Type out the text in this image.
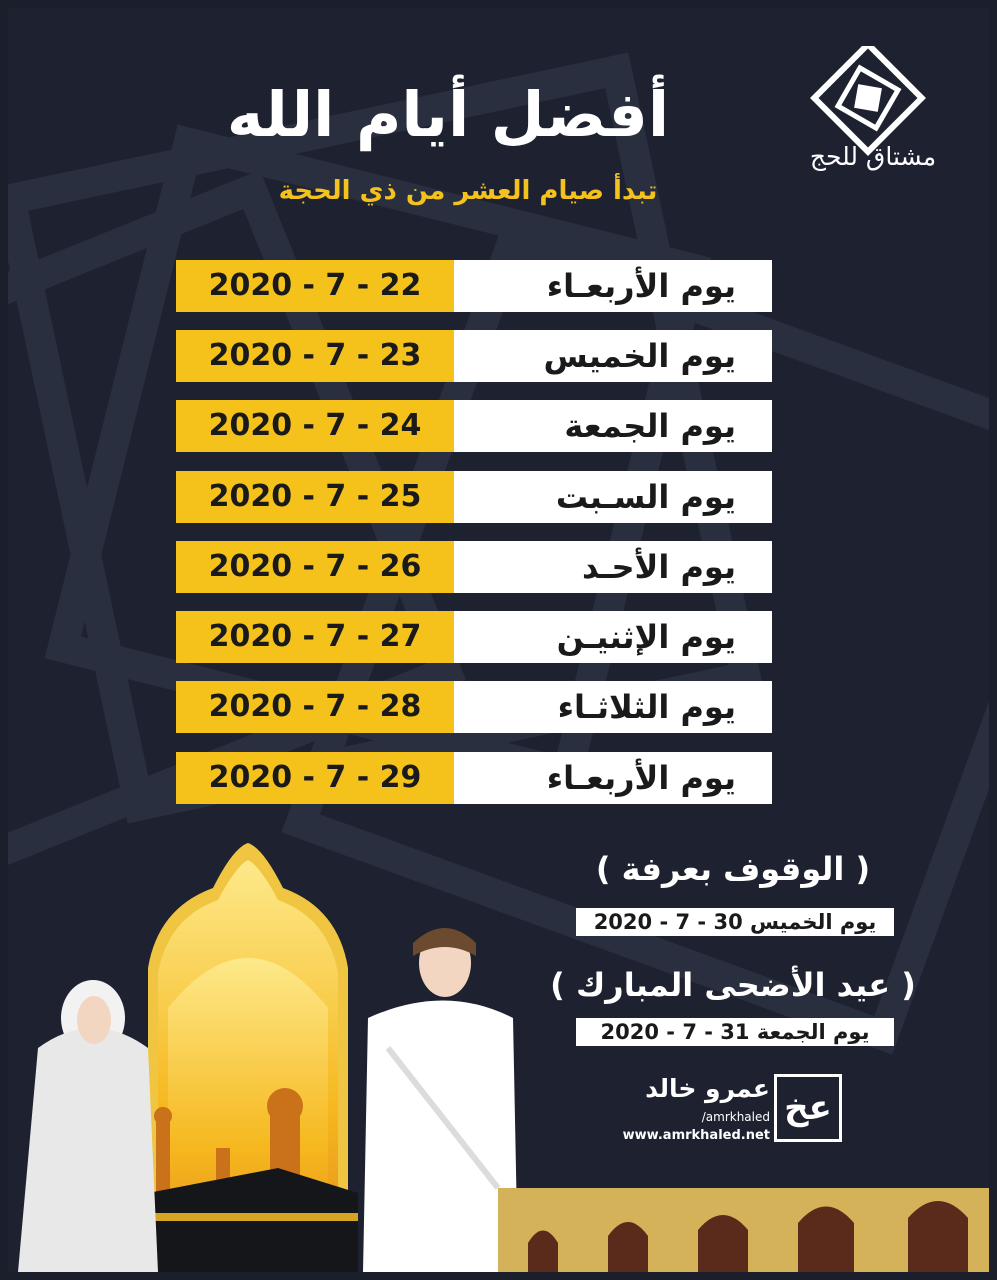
مشتاق للحج
أفضل أيام الله
تبدأ صيام العشر من ذي الحجة
2020 - 7 - 22	يوم الأربعـاء
2020 - 7 - 23	يوم الخميس
2020 - 7 - 24	يوم الجمعة
2020 - 7 - 25	يوم السـبت
2020 - 7 - 26	يوم الأحـد
2020 - 7 - 27	يوم الإثنيـن
2020 - 7 - 28	يوم الثلاثـاء
2020 - 7 - 29	يوم الأربعـاء
( الوقوف بعرفة )
يوم الخميس 30 - 7 - 2020
( عيد الأضحى المبارك )
يوم الجمعة 31 - 7 - 2020
عمرو خالد
/amrkhaled
www.amrkhaled.net
عخ
